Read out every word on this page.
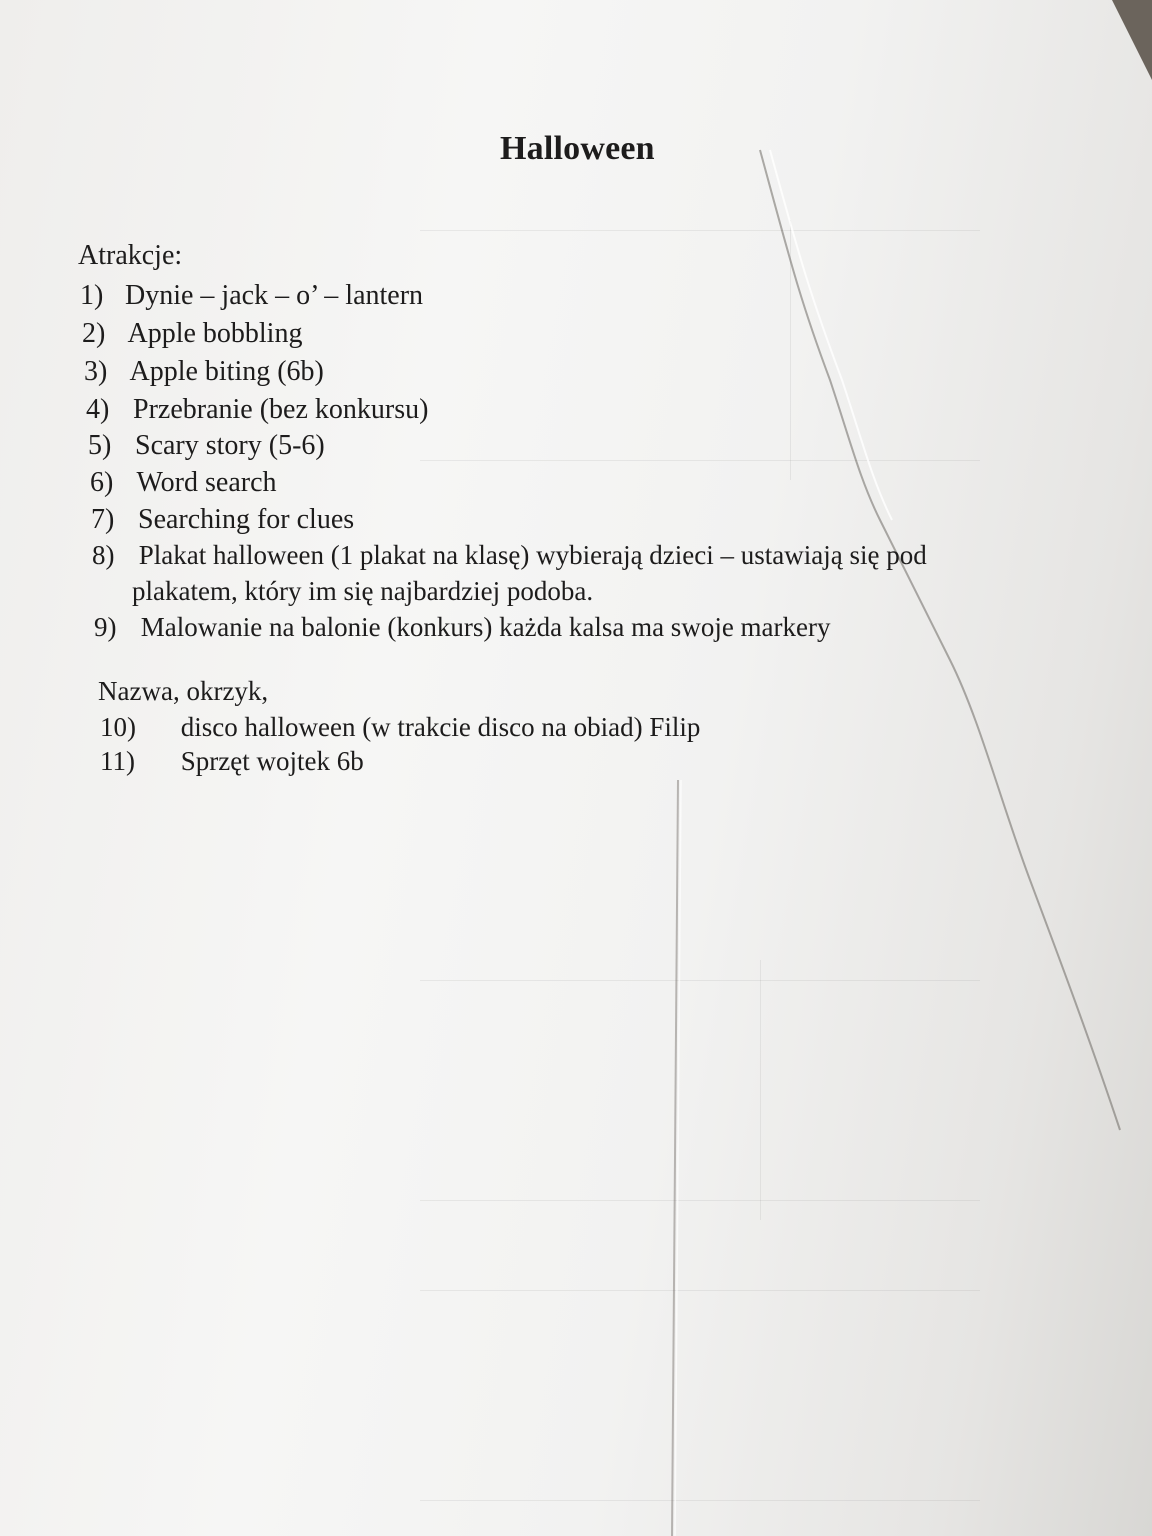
Halloween
Atrakcje:
1) Dynie – jack – o’ – lantern
2) Apple bobbling
3) Apple biting (6b)
4) Przebranie (bez konkursu)
5) Scary story (5-6)
6) Word search
7) Searching for clues
8) Plakat halloween (1 plakat na klasę) wybierają dzieci – ustawiają się pod
plakatem, który im się najbardziej podoba.
9) Malowanie na balonie (konkurs) każda kalsa ma swoje markery
Nazwa, okrzyk,
10) disco halloween (w trakcie disco na obiad) Filip
11) Sprzęt wojtek 6b
